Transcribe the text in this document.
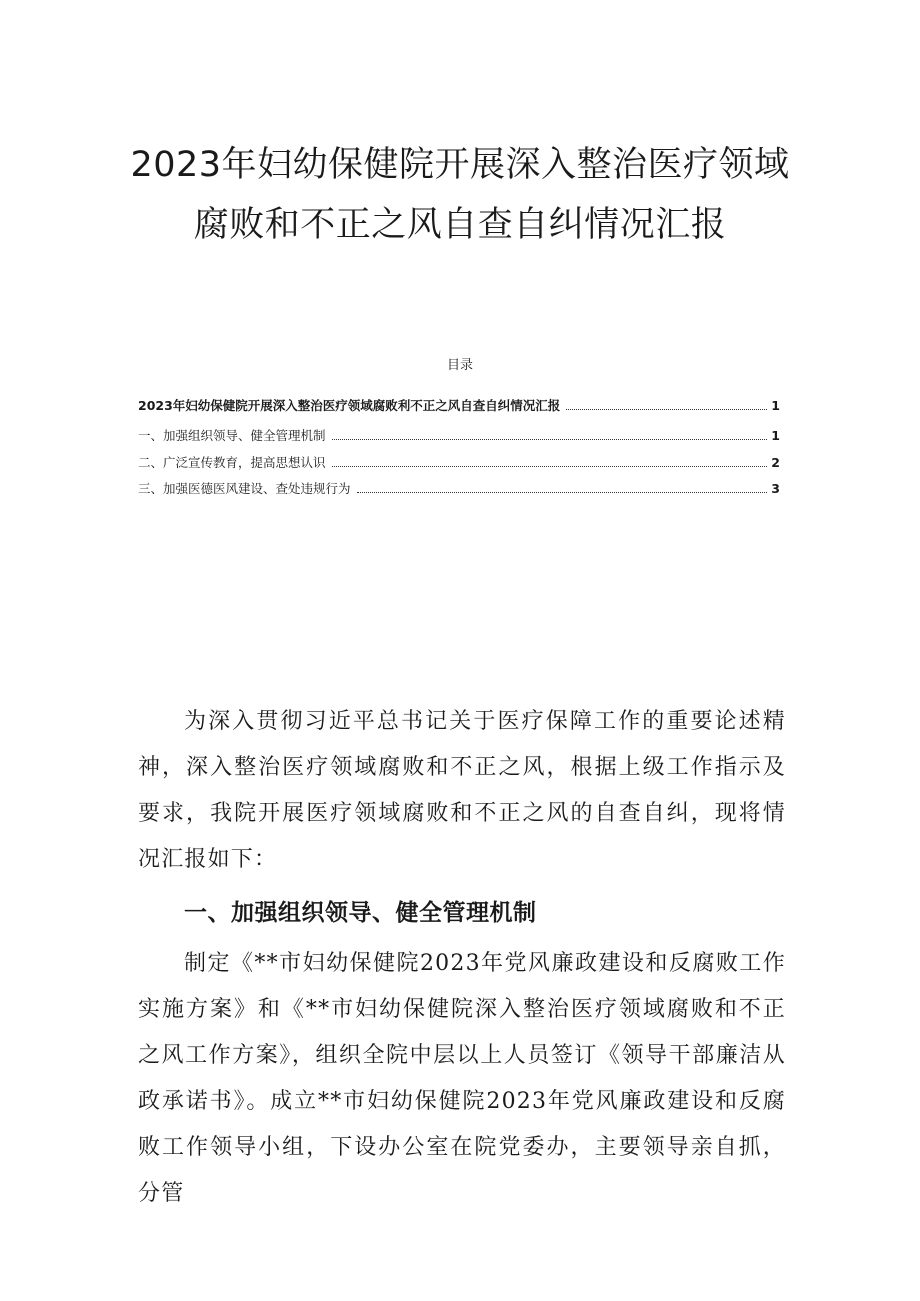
2023年妇幼保健院开展深入整治医疗领域
腐败和不正之风自查自纠情况汇报
目录
2023年妇幼保健院开展深入整治医疗领域腐败利不正之风自查自纠情况汇报	1
一、加强组织领导、健全管理机制	1
二、广泛宣传教育，提高思想认识	2
三、加强医德医风建设、查处违规行为	3

为深入贯彻习近平总书记关于医疗保障工作的重要论述精神，深入整治医疗领域腐败和不正之风，根据上级工作指示及要求，我院开展医疗领域腐败和不正之风的自查自纠，现将情况汇报如下：

一、加强组织领导、健全管理机制

制定《**市妇幼保健院2023年党风廉政建设和反腐败工作实施方案》和《**市妇幼保健院深入整治医疗领域腐败和不正之风工作方案》，组织全院中层以上人员签订《领导干部廉洁从政承诺书》。成立**市妇幼保健院2023年党风廉政建设和反腐败工作领导小组，下设办公室在院党委办，主要领导亲自抓，分管
